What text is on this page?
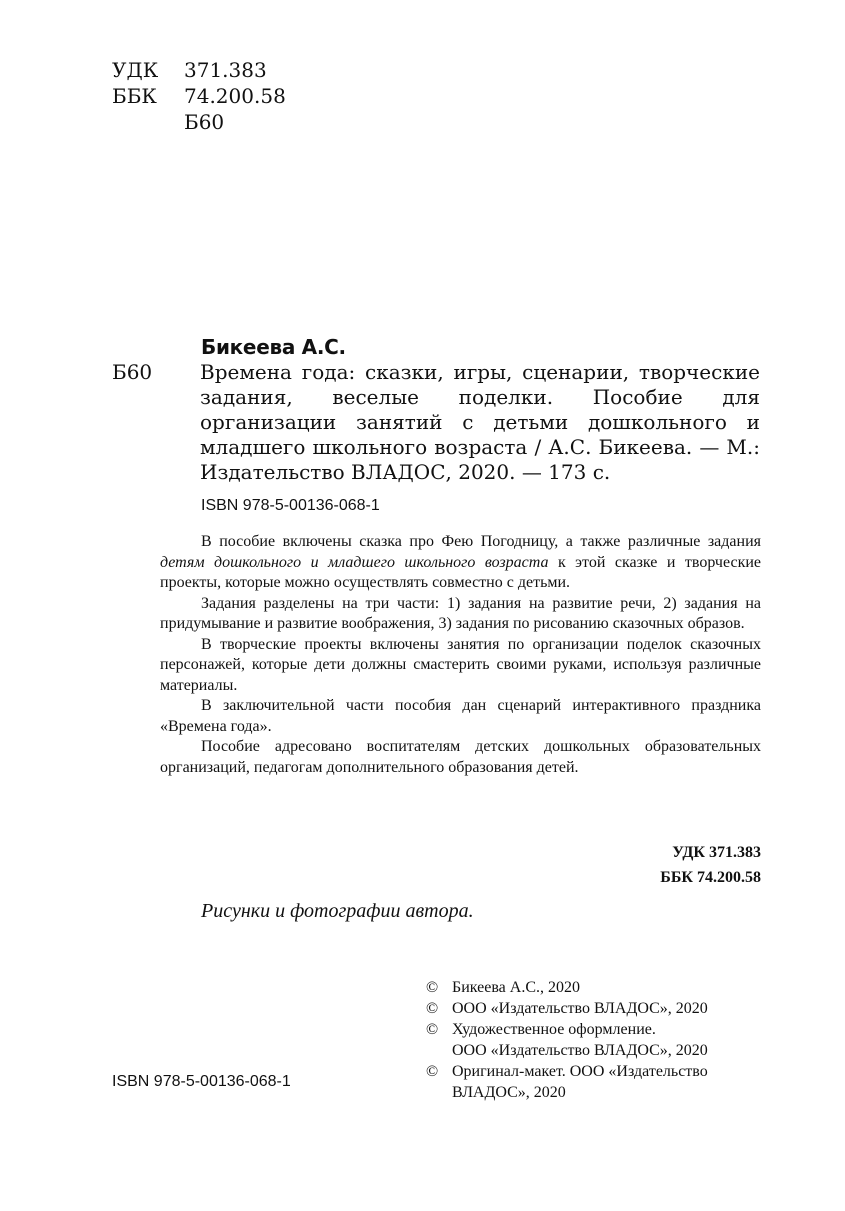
УДК	371.383
ББК	74.200.58
Б60
Бикеева А.С.
Б60 Времена года: сказки, игры, сценарии, творческие задания, веселые поделки. Пособие для организации занятий с детьми дошкольного и младшего школьного возраста / А.С. Бикеева. — М.: Издательство ВЛАДОС, 2020. — 173 с.
ISBN 978-5-00136-068-1

В пособие включены сказка про Фею Погодницу, а также различные задания детям дошкольного и младшего школьного возраста к этой сказке и творческие проекты, которые можно осуществлять совместно с детьми.

Задания разделены на три части: 1) задания на развитие речи, 2) задания на придумывание и развитие воображения, 3) задания по рисованию сказочных образов.

В творческие проекты включены занятия по организации поделок сказочных персонажей, которые дети должны смастерить своими руками, используя различные материалы.

В заключительной части пособия дан сценарий интерактивного праздника «Времена года».

Пособие адресовано воспитателям детских дошкольных образовательных организаций, педагогам дополнительного образования детей.

УДК 371.383
ББК 74.200.58
Рисунки и фотографии автора.
ISBN 978-5-00136-068-1
© Бикеева А.С., 2020
© ООО «Издательство ВЛАДОС», 2020
© Художественное оформление.
ООО «Издательство ВЛАДОС», 2020
© Оригинал-макет. ООО «Издательство
ВЛАДОС», 2020
